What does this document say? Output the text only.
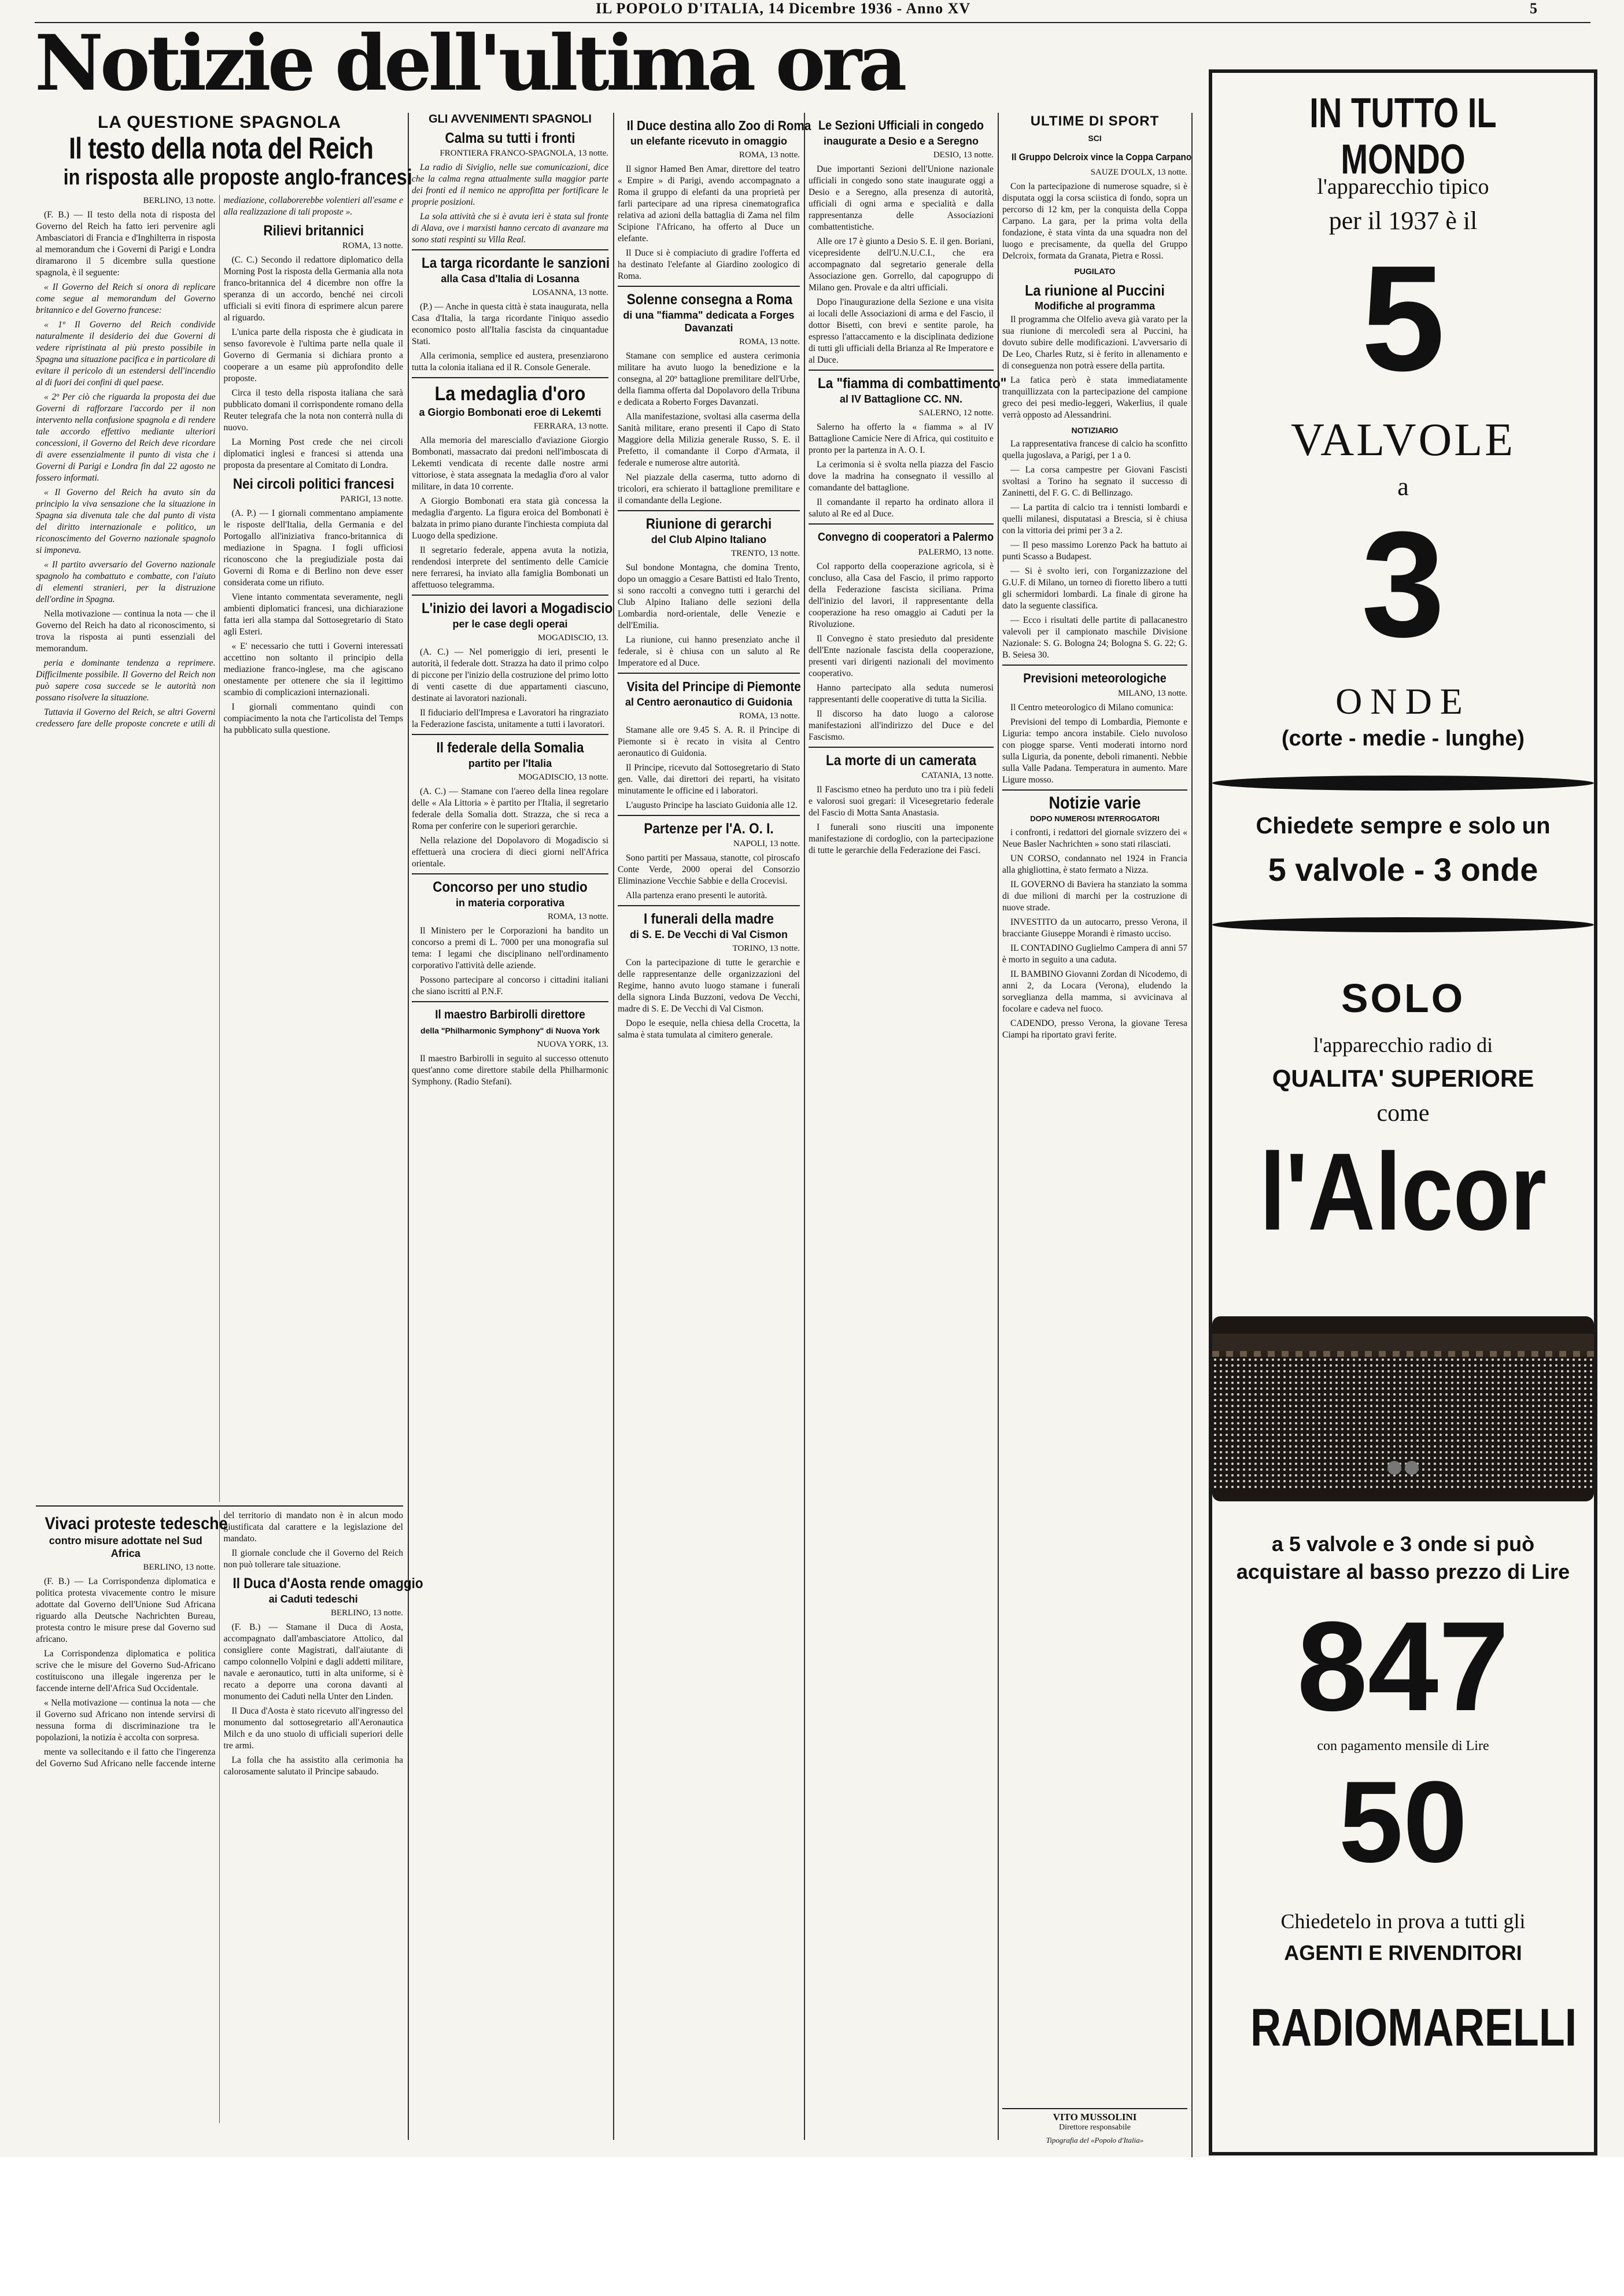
IL POPOLO D'ITALIA, 14 Dicembre 1936 - Anno XV	5
Notizie dell'ultima ora
LA QUESTIONE SPAGNOLA
Il testo della nota del Reich
in risposta alle proposte anglo-francesi

BERLINO, 13 notte.

(F. B.) — Il testo della nota di risposta del Governo del Reich ha fatto ieri pervenire agli Ambasciatori di Francia e d'Inghilterra in risposta al memorandum che i Governi di Parigi e Londra diramarono il 5 dicembre sulla questione spagnola, è il seguente:

« Il Governo del Reich si onora di replicare come segue al memorandum del Governo britannico e del Governo francese:

« 1º Il Governo del Reich condivide naturalmente il desiderio dei due Governi di vedere ripristinata al più presto possibile in Spagna una situazione pacifica e in particolare di evitare il pericolo di un estendersi dell'incendio al di fuori dei confini di quel paese.

« 2º Per ciò che riguarda la proposta dei due Governi di rafforzare l'accordo per il non intervento nella confusione spagnola e di rendere tale accordo effettivo mediante ulteriori concessioni, il Governo del Reich deve ricordare di avere essenzialmente il punto di vista che i Governi di Parigi e Londra fin dal 22 agosto ne fossero informati.

« Il Governo del Reich ha avuto sin da principio la viva sensazione che la situazione in Spagna sia divenuta tale che dal punto di vista del diritto internazionale e politico, un riconoscimento del Governo nazionale spagnolo si imponeva.

« Il partito avversario del Governo nazionale spagnolo ha combattuto e combatte, con l'aiuto di elementi stranieri, per la distruzione dell'ordine in Spagna.

Nella motivazione — continua la nota — che il Governo del Reich ha dato al riconoscimento, si trova la risposta ai punti essenziali del memorandum.

peria e dominante tendenza a reprimere. Difficilmente possibile. Il Governo del Reich non può sapere cosa succede se le autorità non possano risolvere la situazione.

Tuttavia il Governo del Reich, se altri Governi credessero fare delle proposte concrete e utili di mediazione, collaborerebbe volentieri all'esame e alla realizzazione di tali proposte ».

Rilievi britannici

ROMA, 13 notte.

(C. C.) Secondo il redattore diplomatico della Morning Post la risposta della Germania alla nota franco-britannica del 4 dicembre non offre la speranza di un accordo, benché nei circoli ufficiali si eviti finora di esprimere alcun parere al riguardo.

L'unica parte della risposta che è giudicata in senso favorevole è l'ultima parte nella quale il Governo di Germania si dichiara pronto a cooperare a un esame più approfondito delle proposte.

Circa il testo della risposta italiana che sarà pubblicato domani il corrispondente romano della Reuter telegrafa che la nota non conterrà nulla di nuovo.

La Morning Post crede che nei circoli diplomatici inglesi e francesi si attenda una proposta da presentare al Comitato di Londra.

Nei circoli politici francesi

PARIGI, 13 notte.

(A. P.) — I giornali commentano ampiamente le risposte dell'Italia, della Germania e del Portogallo all'iniziativa franco-britannica di mediazione in Spagna. I fogli ufficiosi riconoscono che la pregiudiziale posta dai Governi di Roma e di Berlino non deve esser considerata come un rifiuto.

Viene intanto commentata severamente, negli ambienti diplomatici francesi, una dichiarazione fatta ieri alla stampa dal Sottosegretario di Stato agli Esteri.

« E' necessario che tutti i Governi interessati accettino non soltanto il principio della mediazione franco-inglese, ma che agiscano onestamente per ottenere che sia il legittimo scambio di complicazioni internazionali.

I giornali commentano quindi con compiacimento la nota che l'articolista del Temps ha pubblicato sulla questione.

Vivaci proteste tedesche
contro misure adottate nel Sud Africa

BERLINO, 13 notte.

(F. B.) — La Corrispondenza diplomatica e politica protesta vivacemente contro le misure adottate dal Governo dell'Unione Sud Africana riguardo alla Deutsche Nachrichten Bureau, protesta contro le misure prese dal Governo sud africano.

La Corrispondenza diplomatica e politica scrive che le misure del Governo Sud-Africano costituiscono una illegale ingerenza per le faccende interne dell'Africa Sud Occidentale.

« Nella motivazione — continua la nota — che il Governo sud Africano non intende servirsi di nessuna forma di discriminazione tra le popolazioni, la notizia è accolta con sorpresa.

mente va sollecitando e il fatto che l'ingerenza del Governo Sud Africano nelle faccende interne del territorio di mandato non è in alcun modo giustificata dal carattere e la legislazione del mandato.

Il giornale conclude che il Governo del Reich non può tollerare tale situazione.

Il Duca d'Aosta rende omaggio
ai Caduti tedeschi

BERLINO, 13 notte.

(F. B.) — Stamane il Duca di Aosta, accompagnato dall'ambasciatore Attolico, dal consigliere conte Magistrati, dall'aiutante di campo colonnello Volpini e dagli addetti militare, navale e aeronautico, tutti in alta uniforme, si è recato a deporre una corona davanti al monumento dei Caduti nella Unter den Linden.

Il Duca d'Aosta è stato ricevuto all'ingresso del monumento dal sottosegretario all'Aeronautica Milch e da uno stuolo di ufficiali superiori delle tre armi.

La folla che ha assistito alla cerimonia ha calorosamente salutato il Principe sabaudo.

GLI AVVENIMENTI SPAGNOLI
Calma su tutti i fronti

FRONTIERA FRANCO-SPAGNOLA, 13 notte.

La radio di Siviglio, nelle sue comunicazioni, dice che la calma regna attualmente sulla maggior parte dei fronti ed il nemico ne approfitta per fortificare le proprie posizioni.

La sola attività che si è avuta ieri è stata sul fronte di Alava, ove i marxisti hanno cercato di avanzare ma sono stati respinti su Villa Real.

La targa ricordante le sanzioni
alla Casa d'Italia di Losanna

LOSANNA, 13 notte.

(P.) — Anche in questa città è stata inaugurata, nella Casa d'Italia, la targa ricordante l'iniquo assedio economico posto all'Italia fascista da cinquantadue Stati.

Alla cerimonia, semplice ed austera, presenziarono tutta la colonia italiana ed il R. Console Generale.

La medaglia d'oro
a Giorgio Bombonati eroe di Lekemti

FERRARA, 13 notte.

Alla memoria del maresciallo d'aviazione Giorgio Bombonati, massacrato dai predoni nell'imboscata di Lekemti vendicata di recente dalle nostre armi vittoriose, è stata assegnata la medaglia d'oro al valor militare, in data 10 corrente.

A Giorgio Bombonati era stata già concessa la medaglia d'argento. La figura eroica del Bombonati è balzata in primo piano durante l'inchiesta compiuta dal Luogo della spedizione.

Il segretario federale, appena avuta la notizia, rendendosi interprete del sentimento delle Camicie nere ferraresi, ha inviato alla famiglia Bombonati un affettuoso telegramma.

L'inizio dei lavori a Mogadiscio
per le case degli operai

MOGADISCIO, 13.

(A. C.) — Nel pomeriggio di ieri, presenti le autorità, il federale dott. Strazza ha dato il primo colpo di piccone per l'inizio della costruzione del primo lotto di venti casette di due appartamenti ciascuno, destinate ai lavoratori nazionali.

Il fiduciario dell'Impresa e Lavoratori ha ringraziato la Federazione fascista, unitamente a tutti i lavoratori.

Il federale della Somalia
partito per l'Italia

MOGADISCIO, 13 notte.

(A. C.) — Stamane con l'aereo della linea regolare delle « Ala Littoria » è partito per l'Italia, il segretario federale della Somalia dott. Strazza, che si reca a Roma per conferire con le superiori gerarchie.

Nella relazione del Dopolavoro di Mogadiscio si effettuerà una crociera di dieci giorni nell'Africa orientale.

Concorso per uno studio
in materia corporativa

ROMA, 13 notte.

Il Ministero per le Corporazioni ha bandito un concorso a premi di L. 7000 per una monografia sul tema: I legami che disciplinano nell'ordinamento corporativo l'attività delle aziende.

Possono partecipare al concorso i cittadini italiani che siano iscritti al P.N.F.

Il maestro Barbirolli direttore
della "Philharmonic Symphony" di Nuova York

NUOVA YORK, 13.

Il maestro Barbirolli in seguito al successo ottenuto quest'anno come direttore stabile della Philharmonic Symphony. (Radio Stefani).

Il Duce destina allo Zoo di Roma
un elefante ricevuto in omaggio

ROMA, 13 notte.

Il signor Hamed Ben Amar, direttore del teatro « Empire » di Parigi, avendo accompagnato a Roma il gruppo di elefanti da una proprietà per farli partecipare ad una ripresa cinematografica relativa ad azioni della battaglia di Zama nel film Scipione l'Africano, ha offerto al Duce un elefante.

Il Duce si è compiaciuto di gradire l'offerta ed ha destinato l'elefante al Giardino zoologico di Roma.

Solenne consegna a Roma
di una "fiamma" dedicata a Forges Davanzati

ROMA, 13 notte.

Stamane con semplice ed austera cerimonia militare ha avuto luogo la benedizione e la consegna, al 20º battaglione premilitare dell'Urbe, della fiamma offerta dal Dopolavoro della Tribuna e dedicata a Roberto Forges Davanzati.

Alla manifestazione, svoltasi alla caserma della Sanità militare, erano presenti il Capo di Stato Maggiore della Milizia generale Russo, S. E. il Prefetto, il comandante il Corpo d'Armata, il federale e numerose altre autorità.

Nel piazzale della caserma, tutto adorno di tricolori, era schierato il battaglione premilitare e il comandante della Legione.

Riunione di gerarchi
del Club Alpino Italiano

TRENTO, 13 notte.

Sul bondone Montagna, che domina Trento, dopo un omaggio a Cesare Battisti ed Italo Trento, si sono raccolti a convegno tutti i gerarchi del Club Alpino Italiano delle sezioni della Lombardia nord-orientale, delle Venezie e dell'Emilia.

La riunione, cui hanno presenziato anche il federale, si è chiusa con un saluto al Re Imperatore ed al Duce.

Visita del Principe di Piemonte
al Centro aeronautico di Guidonia

ROMA, 13 notte.

Stamane alle ore 9.45 S. A. R. il Principe di Piemonte si è recato in visita al Centro aeronautico di Guidonia.

Il Principe, ricevuto dal Sottosegretario di Stato gen. Valle, dai direttori dei reparti, ha visitato minutamente le officine ed i laboratori.

L'augusto Principe ha lasciato Guidonia alle 12.

Partenze per l'A. O. I.

NAPOLI, 13 notte.

Sono partiti per Massaua, stanotte, col piroscafo Conte Verde, 2000 operai del Consorzio Eliminazione Vecchie Sabbie e della Crocevisi.

Alla partenza erano presenti le autorità.

I funerali della madre
di S. E. De Vecchi di Val Cismon

TORINO, 13 notte.

Con la partecipazione di tutte le gerarchie e delle rappresentanze delle organizzazioni del Regime, hanno avuto luogo stamane i funerali della signora Linda Buzzoni, vedova De Vecchi, madre di S. E. De Vecchi di Val Cismon.

Dopo le esequie, nella chiesa della Crocetta, la salma è stata tumulata al cimitero generale.

Le Sezioni Ufficiali in congedo
inaugurate a Desio e a Seregno

DESIO, 13 notte.

Due importanti Sezioni dell'Unione nazionale ufficiali in congedo sono state inaugurate oggi a Desio e a Seregno, alla presenza di autorità, ufficiali di ogni arma e specialità e dalla rappresentanza delle Associazioni combattentistiche.

Alle ore 17 è giunto a Desio S. E. il gen. Boriani, vicepresidente dell'U.N.U.C.I., che era accompagnato dal segretario generale della Associazione gen. Gorrello, dal capogruppo di Milano gen. Provale e da altri ufficiali.

Dopo l'inaugurazione della Sezione e una visita ai locali delle Associazioni di arma e del Fascio, il dottor Bisetti, con brevi e sentite parole, ha espresso l'attaccamento e la disciplinata dedizione di tutti gli ufficiali della Brianza al Re Imperatore e al Duce.

La "fiamma di combattimento"
al IV Battaglione CC. NN.

SALERNO, 12 notte.

Salerno ha offerto la « fiamma » al IV Battaglione Camicie Nere di Africa, qui costituito e pronto per la partenza in A. O. I.

La cerimonia si è svolta nella piazza del Fascio dove la madrina ha consegnato il vessillo al comandante del battaglione.

Il comandante il reparto ha ordinato allora il saluto al Re ed al Duce.

Convegno di cooperatori a Palermo

PALERMO, 13 notte.

Col rapporto della cooperazione agricola, si è concluso, alla Casa del Fascio, il primo rapporto della Federazione fascista siciliana. Prima dell'inizio del lavori, il rappresentante della cooperazione ha reso omaggio ai Caduti per la Rivoluzione.

Il Convegno è stato presieduto dal presidente dell'Ente nazionale fascista della cooperazione, presenti vari dirigenti nazionali del movimento cooperativo.

Hanno partecipato alla seduta numerosi rappresentanti delle cooperative di tutta la Sicilia.

Il discorso ha dato luogo a calorose manifestazioni all'indirizzo del Duce e del Fascismo.

La morte di un camerata

CATANIA, 13 notte.

Il Fascismo etneo ha perduto uno tra i più fedeli e valorosi suoi gregari: il Vicesegretario federale del Fascio di Motta Santa Anastasia.

I funerali sono riusciti una imponente manifestazione di cordoglio, con la partecipazione di tutte le gerarchie della Federazione dei Fasci.

ULTIME DI SPORT
SCI
Il Gruppo Delcroix vince la Coppa Carpano

SAUZE D'OULX, 13 notte.

Con la partecipazione di numerose squadre, si è disputata oggi la corsa sciistica di fondo, sopra un percorso di 12 km, per la conquista della Coppa Carpano. La gara, per la prima volta della fondazione, è stata vinta da una squadra non del luogo e precisamente, da quella del Gruppo Delcroix, formata da Granata, Pietra e Rossi.

PUGILATO
La riunione al Puccini
Modifiche al programma

Il programma che Olfelio aveva già varato per la sua riunione di mercoledì sera al Puccini, ha dovuto subire delle modificazioni. L'avversario di De Leo, Charles Rutz, si è ferito in allenamento e di conseguenza non potrà essere della partita.

La fatica però è stata immediatamente tranquillizzata con la partecipazione del campione greco dei pesi medio-leggeri, Wakerlius, il quale verrà opposto ad Alessandrini.

NOTIZIARIO

La rappresentativa francese di calcio ha sconfitto quella jugoslava, a Parigi, per 1 a 0.

— La corsa campestre per Giovani Fascisti svoltasi a Torino ha segnato il successo di Zaninetti, del F. G. C. di Bellinzago.

— La partita di calcio tra i tennisti lombardi e quelli milanesi, disputatasi a Brescia, si è chiusa con la vittoria dei primi per 3 a 2.

— Il peso massimo Lorenzo Pack ha battuto ai punti Scasso a Budapest.

— Si è svolto ieri, con l'organizzazione del G.U.F. di Milano, un torneo di fioretto libero a tutti gli schermidori lombardi. La finale di girone ha dato la seguente classifica.

— Ecco i risultati delle partite di pallacanestro valevoli per il campionato maschile Divisione Nazionale: S. G. Bologna 24; Bologna S. G. 22; G. B. Seiesa 30.

Previsioni meteorologiche

MILANO, 13 notte.

Il Centro meteorologico di Milano comunica:

Previsioni del tempo di Lombardia, Piemonte e Liguria: tempo ancora instabile. Cielo nuvoloso con piogge sparse. Venti moderati intorno nord sulla Liguria, da ponente, deboli rimanenti. Nebbie sulla Valle Padana. Temperatura in aumento. Mare Ligure mosso.

Notizie varie
DOPO NUMEROSI INTERROGATORI

i confronti, i redattori del giornale svizzero dei « Neue Basler Nachrichten » sono stati rilasciati.

UN CORSO, condannato nel 1924 in Francia alla ghigliottina, è stato fermato a Nizza.

IL GOVERNO di Baviera ha stanziato la somma di due milioni di marchi per la costruzione di nuove strade.

INVESTITO da un autocarro, presso Verona, il bracciante Giuseppe Morandi è rimasto ucciso.

IL CONTADINO Guglielmo Campera di anni 57 è morto in seguito a una caduta.

IL BAMBINO Giovanni Zordan di Nicodemo, di anni 2, da Locara (Verona), eludendo la sorveglianza della mamma, si avvicinava al focolare e cadeva nel fuoco.

CADENDO, presso Verona, la giovane Teresa Ciampi ha riportato gravi ferite.

VITO MUSSOLINI
Direttore responsabile
Tipografia del «Popolo d'Italia»
IN TUTTO IL MONDO
l'apparecchio tipico
per il 1937 è il
5
VALVOLE
a
3
ONDE
(corte - medie - lunghe)
Chiedete sempre e solo un
5 valvole - 3 onde
SOLO
l'apparecchio radio di
QUALITA' SUPERIORE
come
l'Alcor
a 5 valvole e 3 onde si può acquistare al basso prezzo di Lire
847
con pagamento mensile di Lire
50
Chiedetelo in prova a tutti gli
AGENTI E RIVENDITORI
RADIOMARELLI
